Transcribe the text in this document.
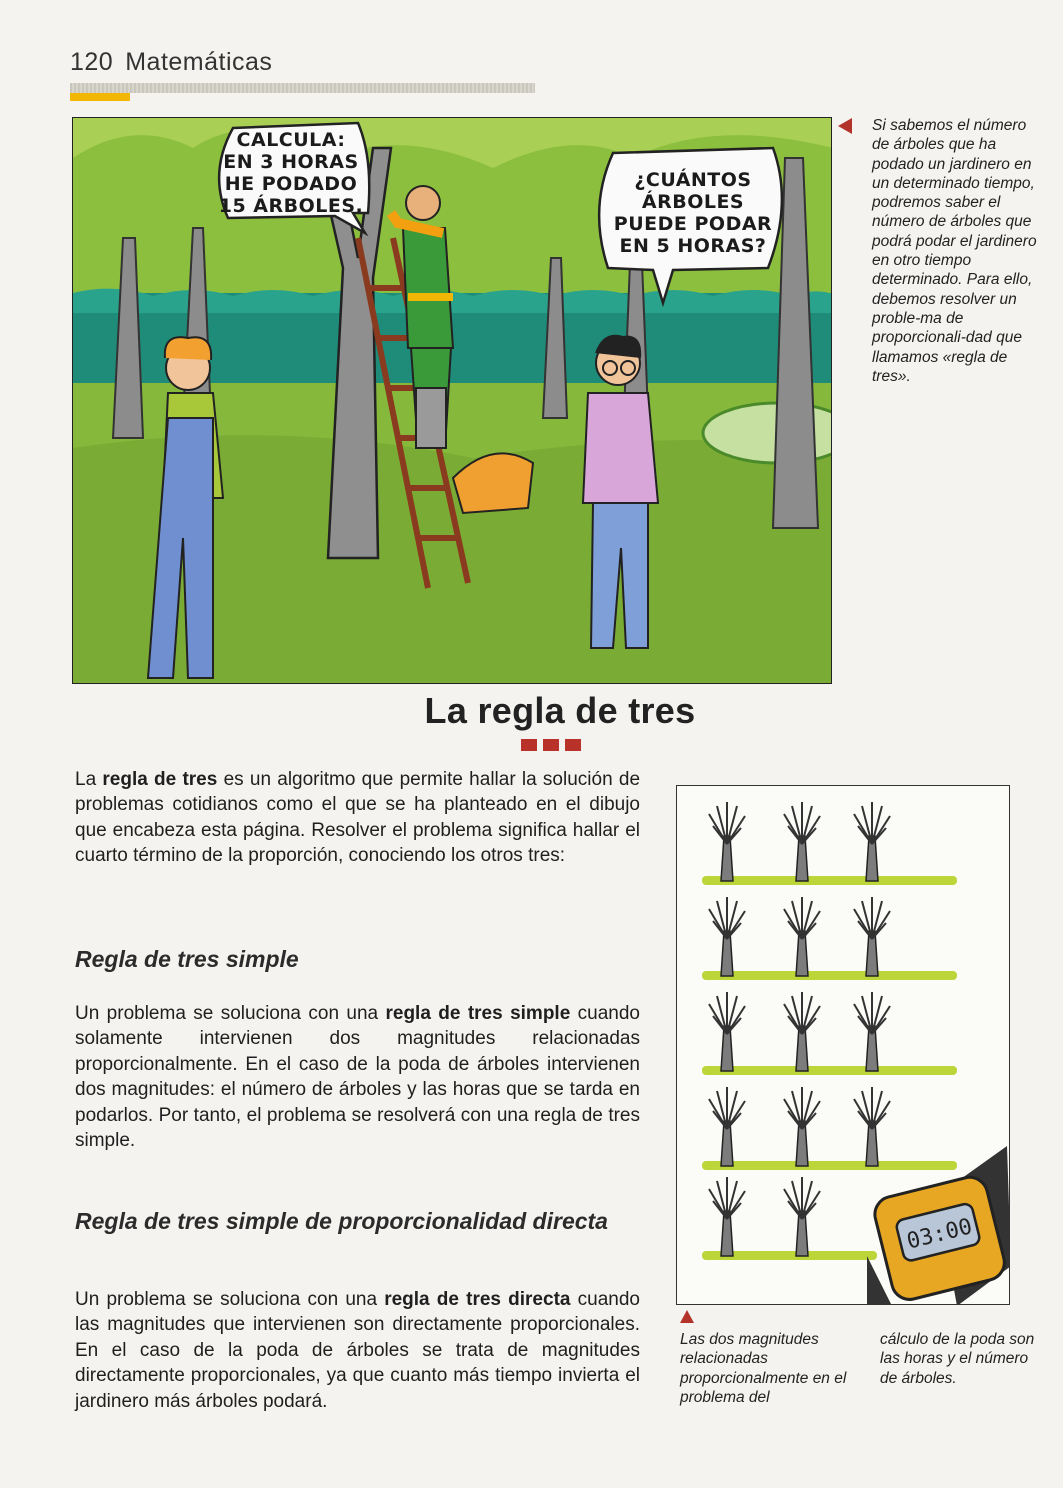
120 Matemáticas
CALCULA:
EN 3 HORAS
HE PODADO
15 ÁRBOLES.
¿CUÁNTOS
ÁRBOLES
PUEDE PODAR
EN 5 HORAS?
Si sabemos el número de árboles que ha podado un jardinero en un determinado tiempo, podremos saber el número de árboles que podrá podar el jardinero en otro tiempo determinado. Para ello, debemos resolver un proble-ma de proporcionali-dad que llamamos «regla de tres».
La regla de tres
La regla de tres es un algoritmo que permite hallar la solución de problemas cotidianos como el que se ha planteado en el dibujo que encabeza esta página. Resolver el problema significa hallar el cuarto término de la proporción, conociendo los otros tres:
Regla de tres simple
Un problema se soluciona con una regla de tres simple cuando solamente intervienen dos magnitudes relacionadas proporcionalmente. En el caso de la poda de árboles intervienen dos magnitudes: el número de árboles y las horas que se tarda en podarlos. Por tanto, el problema se resolverá con una regla de tres simple.
Regla de tres simple de proporcionalidad directa
Un problema se soluciona con una regla de tres directa cuando las magnitudes que intervienen son directamente proporcionales. En el caso de la poda de árboles se trata de magnitudes directamente proporcionales, ya que cuanto más tiempo invierta el jardinero más árboles podará.
03:00
Las dos magnitudes relacionadas proporcionalmente en el problema del
cálculo de la poda son las horas y el número de árboles.
